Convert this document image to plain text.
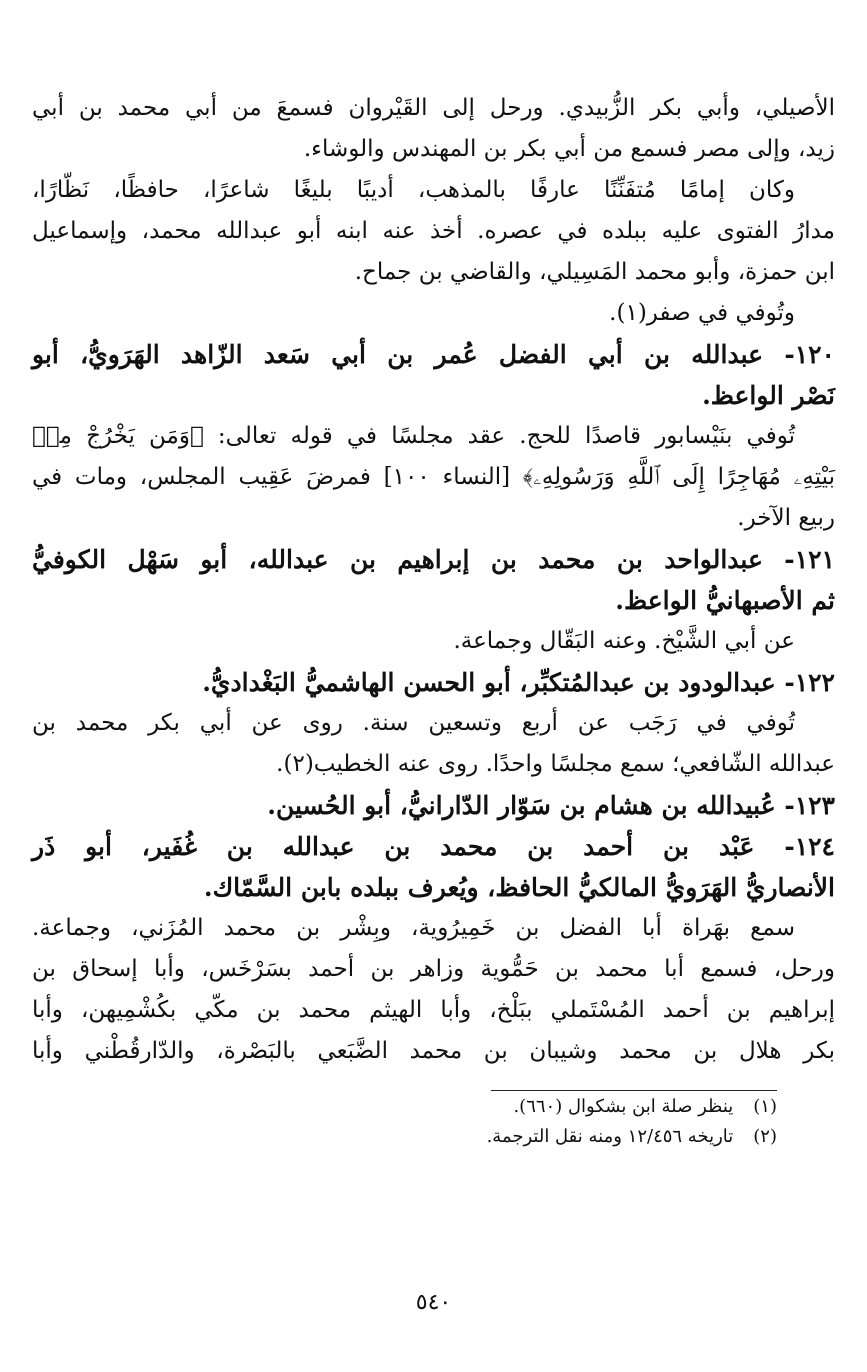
الأصيلي، وأبي بكر الزُّبيدي. ورحل إلى القَيْروان فسمعَ من أبي محمد بن أبي
زيد، وإلى مصر فسمع من أبي بكر بن المهندس والوشاء.
وكان إمامًا مُتفَنِّنًا عارفًا بالمذهب، أديبًا بليغًا شاعرًا، حافظًا، نَظّارًا،
مدارُ الفتوى عليه ببلده في عصره. أخذ عنه ابنه أبو عبدالله محمد، وإسماعيل
ابن حمزة، وأبو محمد المَسِيلي، والقاضي بن جماح.
وتُوفي في صفر(١).
١٢٠- عبدالله بن أبي الفضل عُمر بن أبي سَعد الزّاهد الهَرَويُّ، أبو
نَصْر الواعظ.
تُوفي بنَيْسابور قاصدًا للحج. عقد مجلسًا في قوله تعالى: ﴿وَمَن يَخْرُجْ مِنۢ
بَيْتِهِۦ مُهَاجِرًا إِلَى ٱللَّهِ وَرَسُولِهِۦ﴾ [النساء ١٠٠] فمرضَ عَقِيب المجلس، ومات في
ربيع الآخر.
١٢١- عبدالواحد بن محمد بن إبراهيم بن عبدالله، أبو سَهْل الكوفيُّ
ثم الأصبهانيُّ الواعظ.
عن أبي الشَّيْخ. وعنه البَقّال وجماعة.
١٢٢- عبدالودود بن عبدالمُتكبِّر، أبو الحسن الهاشميُّ البَغْداديُّ.
تُوفي في رَجَب عن أربع وتسعين سنة. روى عن أبي بكر محمد بن
عبدالله الشّافعي؛ سمع مجلسًا واحدًا. روى عنه الخطيب(٢).
١٢٣- عُبيدالله بن هشام بن سَوّار الدّارانيُّ، أبو الحُسين.
١٢٤- عَبْد بن أحمد بن محمد بن عبدالله بن غُفَير، أبو ذَر
الأنصاريُّ الهَرَويُّ المالكيُّ الحافظ، ويُعرف ببلده بابن السَّمّاك.
سمع بهَراة أبا الفضل بن خَمِيرُوية، وبِشْر بن محمد المُزَني، وجماعة.
ورحل، فسمع أبا محمد بن حَمُّوية وزاهر بن أحمد بسَرْخَس، وأبا إسحاق بن
إبراهيم بن أحمد المُسْتَملي ببَلْخ، وأبا الهيثم محمد بن مكّي بكُشْمِيهن، وأبا
بكر هلال بن محمد وشيبان بن محمد الضَّبَعي بالبَصْرة، والدّارقُطْني وأبا
(١) ينظر صلة ابن بشكوال (٦٦٠).
(٢) تاريخه ١٢/٤٥٦ ومنه نقل الترجمة.
٥٤٠
